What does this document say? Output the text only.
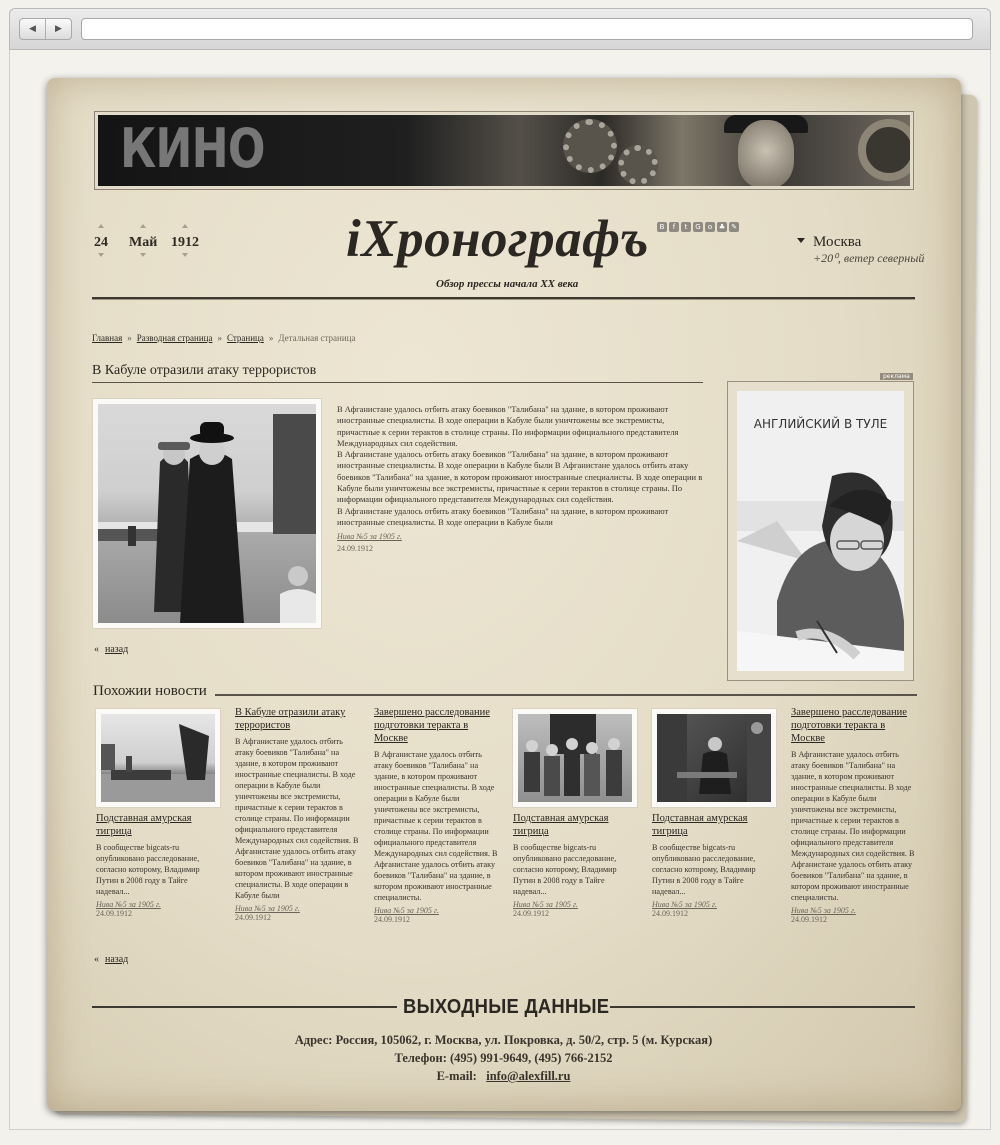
◀	▶
КИНО
24 Май 1912	iХронографъ
Обзор прессы начала XX века
В	f	t	G	о ♣ ✎
Москва
+20⁰, ветер северный
Главная » Разводная страница » Страница » Детальная страница
В Кабуле отразили атаку террористов

В Афганистане удалось отбить атаку боевиков "Талибана" на здание, в котором проживают иностранные специалисты. В ходе операции в Кабуле были уничтожены все экстремисты, причастные к серии терактов в столице страны. По информации официального представителя Международных сил содействия.

В Афганистане удалось отбить атаку боевиков "Талибана" на здание, в котором проживают иностранные специалисты. В ходе операции в Кабуле были В Афганистане удалось отбить атаку боевиков "Талибана" на здание, в котором проживают иностранные специалисты. В ходе операции в Кабуле были уничтожены все экстремисты, причастные к серии терактов в столице страны. По информации официального представителя Международных сил содействия.

В Афганистане удалось отбить атаку боевиков "Талибана" на здание, в котором проживают иностранные специалисты. В ходе операции в Кабуле были

Нива №5 за 1905 г.
24.09.1912
« назад
реклама
АНГЛИЙСКИЙ В ТУЛЕ
Похожии новости
Подставная амурская тигрица
В сообществе bigcats-ru опубликовано расследование, согласно которому, Владимир Путин в 2008 году в Тайге надевал...
Нива №5 за 1905 г.
24.09.1912
В Кабуле отразили атаку террористов
В Афганистане удалось отбить атаку боевиков "Талибана" на здание, в котором проживают иностранные специалисты. В ходе операции в Кабуле были уничтожены все экстремисты, причастные к серии терактов в столице страны. По информации официального представителя Международных сил содействия. В Афганистане удалось отбить атаку боевиков "Талибана" на здание, в котором проживают иностранные специалисты. В ходе операции в Кабуле были
Нива №5 за 1905 г.
24.09.1912
Завершено расследование подготовки теракта в Москве
В Афганистане удалось отбить атаку боевиков "Талибана" на здание, в котором проживают иностранные специалисты. В ходе операции в Кабуле были уничтожены все экстремисты, причастные к серии терактов в столице страны. По информации официального представителя Международных сил содействия. В Афганистане удалось отбить атаку боевиков "Талибана" на здание, в котором проживают иностранные специалисты.
Нива №5 за 1905 г.
24.09.1912
Подставная амурская тигрица
В сообществе bigcats-ru опубликовано расследование, согласно которому, Владимир Путин в 2008 году в Тайге надевал...
Нива №5 за 1905 г.
24.09.1912
Подставная амурская тигрица
В сообществе bigcats-ru опубликовано расследование, согласно которому, Владимир Путин в 2008 году в Тайге надевал...
Нива №5 за 1905 г.
24.09.1912
Завершено расследование подготовки теракта в Москве
В Афганистане удалось отбить атаку боевиков "Талибана" на здание, в котором проживают иностранные специалисты. В ходе операции в Кабуле были уничтожены все экстремисты, причастные к серии терактов в столице страны. По информации официального представителя Международных сил содействия. В Афганистане удалось отбить атаку боевиков "Талибана" на здание, в котором проживают иностранные специалисты.
Нива №5 за 1905 г.
24.09.1912
« назад
ВЫХОДНЫЕ ДАННЫЕ
Адрес: Россия, 105062, г. Москва, ул. Покровка, д. 50/2, стр. 5 (м. Курская)
Телефон: (495) 991-9649, (495) 766-2152
E-mail: info@alexfill.ru
